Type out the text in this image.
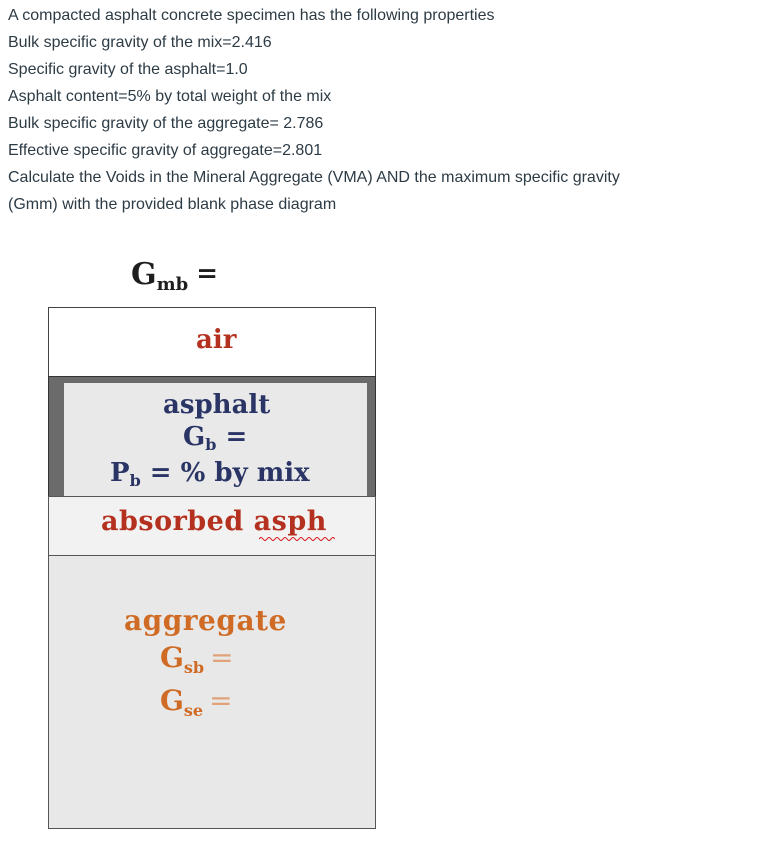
A compacted asphalt concrete specimen has the following properties
Bulk specific gravity of the mix=2.416
Specific gravity of the asphalt=1.0
Asphalt content=5% by total weight of the mix
Bulk specific gravity of the aggregate= 2.786
Effective specific gravity of aggregate=2.801
Calculate the Voids in the Mineral Aggregate (VMA) AND the maximum specific gravity
(Gmm) with the provided blank phase diagram
$G_{mb}$ =
air
asphalt
$G_b$ =
$P_b$ = % by mix
absorbed asph
aggregate
$G_{sb}$ =
$G_{se}$ =
